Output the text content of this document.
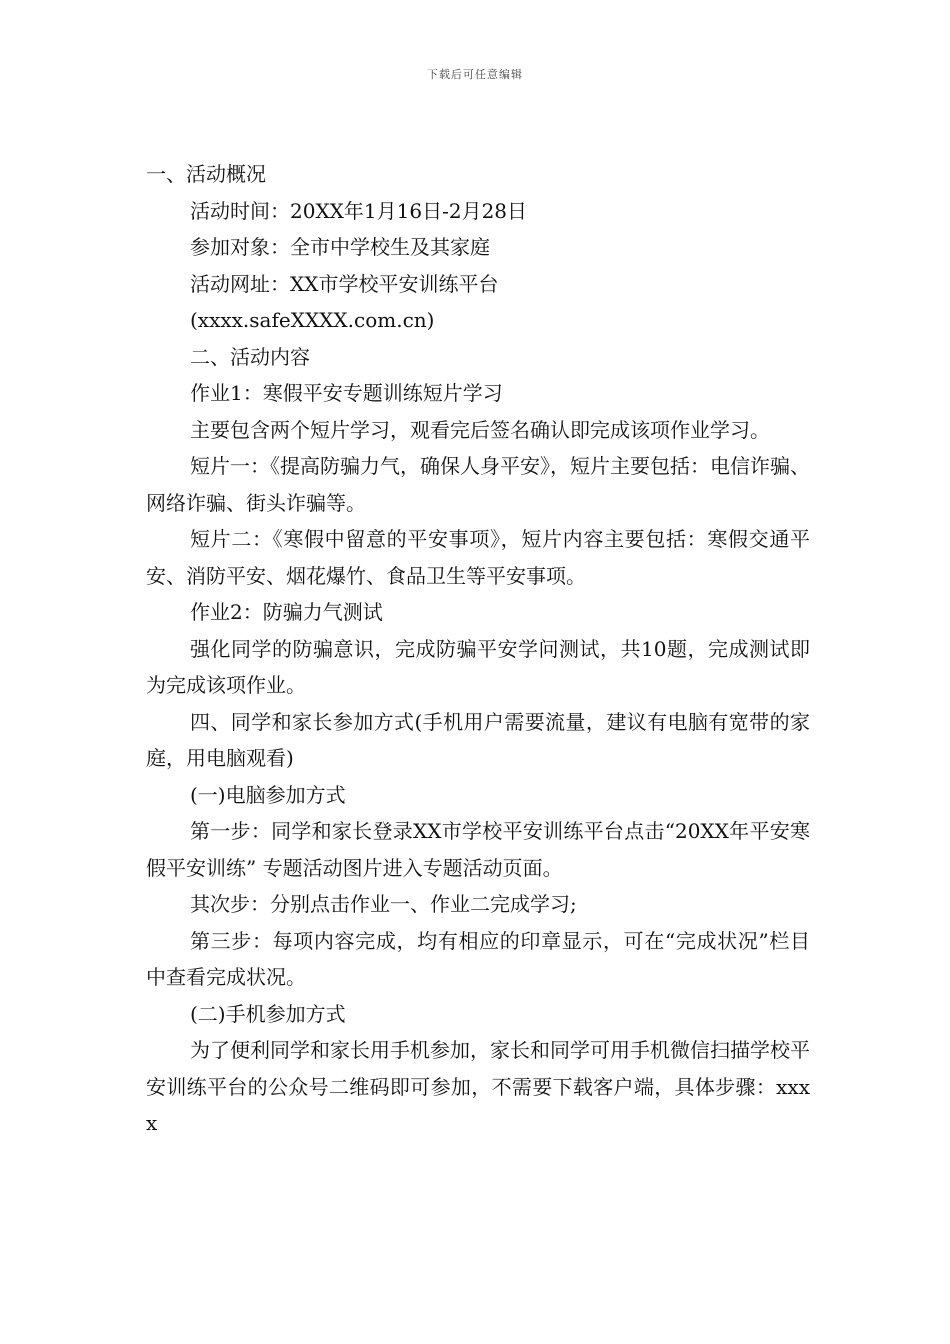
下载后可任意编辑

一、活动概况

活动时间：20XX年1月16日-2月28日

参加对象：全市中学校生及其家庭

活动网址：XX市学校平安训练平台

(xxxx.safeXXXX.com.cn)

二、活动内容

作业1：寒假平安专题训练短片学习

主要包含两个短片学习，观看完后签名确认即完成该项作业学习。

短片一：《提高防骗力气，确保人身平安》，短片主要包括：电信诈骗、网络诈骗、街头诈骗等。

短片二：《寒假中留意的平安事项》，短片内容主要包括：寒假交通平安、消防平安、烟花爆竹、食品卫生等平安事项。

作业2：防骗力气测试

强化同学的防骗意识，完成防骗平安学问测试，共10题，完成测试即为完成该项作业。

四、同学和家长参加方式(手机用户需要流量，建议有电脑有宽带的家庭，用电脑观看)

(一)电脑参加方式

第一步：同学和家长登录XX市学校平安训练平台点击“20XX年平安寒假平安训练” 专题活动图片进入专题活动页面。

其次步：分别点击作业一、作业二完成学习;

第三步：每项内容完成，均有相应的印章显示，可在“完成状况”栏目中查看完成状况。

(二)手机参加方式

为了便利同学和家长用手机参加，家长和同学可用手机微信扫描学校平安训练平台的公众号二维码即可参加，不需要下载客户端，具体步骤：xxxx
